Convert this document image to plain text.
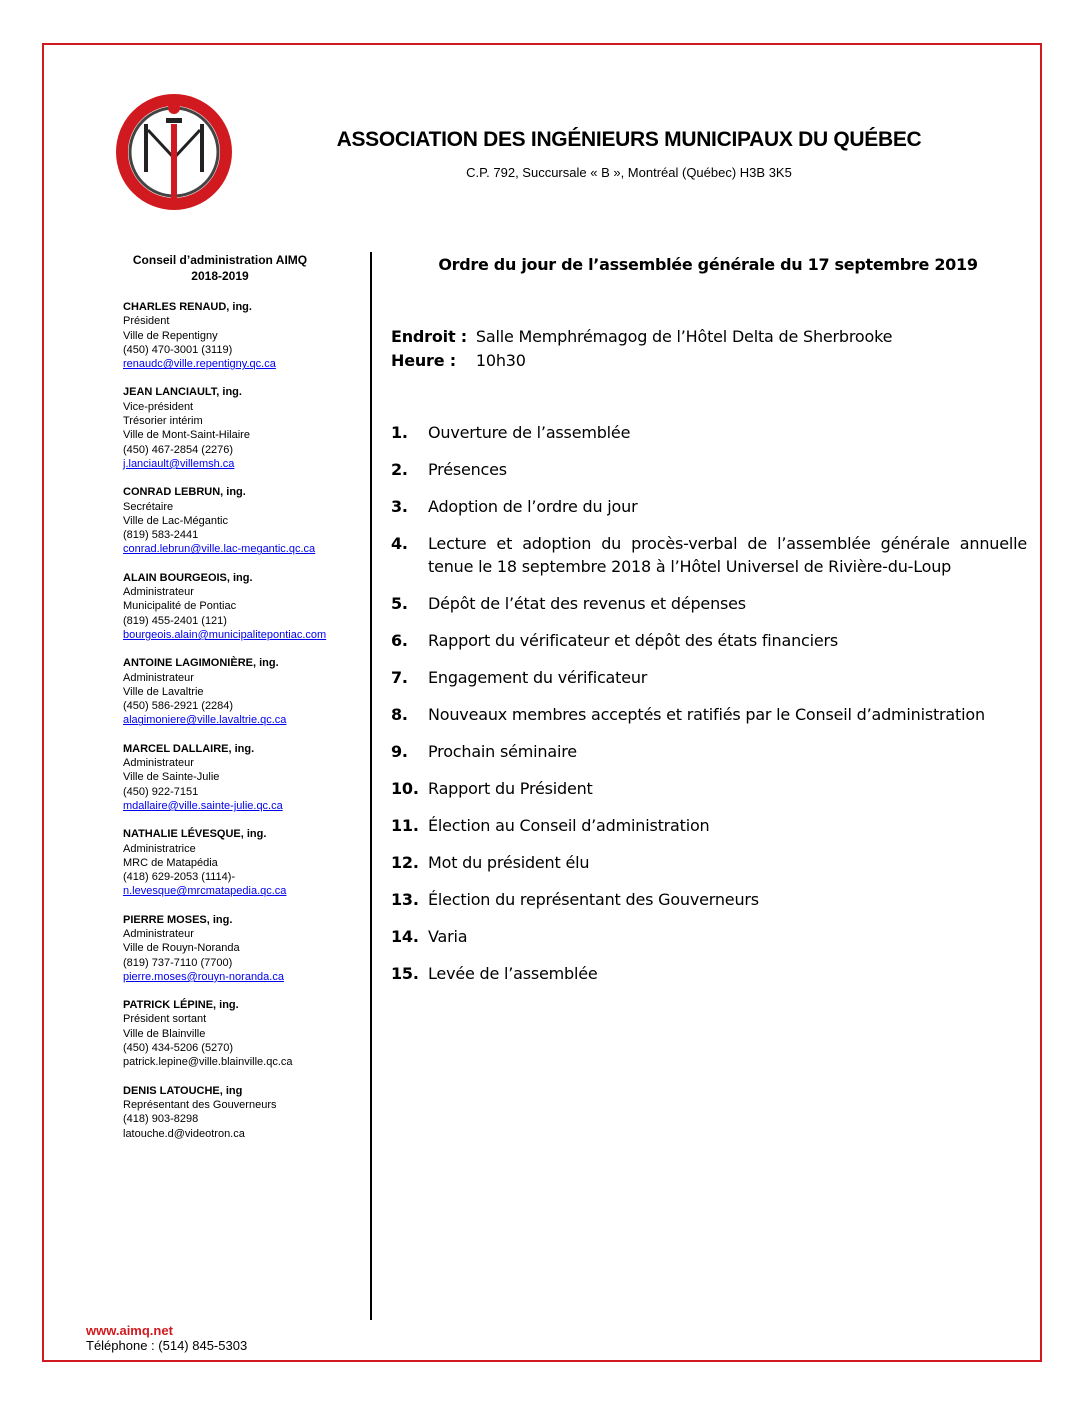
ASSOCIATION DES INGÉNIEURS MUNICIPAUX DU QUÉBEC
C.P. 792, Succursale « B », Montréal (Québec) H3B 3K5
Conseil d’administration AIMQ
2018-2019
CHARLES RENAUD, ing.
Président
Ville de Repentigny
(450) 470-3001 (3119)
renaudc@ville.repentigny.qc.ca
JEAN LANCIAULT, ing.
Vice-président
Trésorier intérim
Ville de Mont-Saint-Hilaire
(450) 467-2854 (2276)
j.lanciault@villemsh.ca
CONRAD LEBRUN, ing.
Secrétaire
Ville de Lac-Mégantic
(819) 583-2441
conrad.lebrun@ville.lac-megantic.qc.ca
ALAIN BOURGEOIS, ing.
Administrateur
Municipalité de Pontiac
(819) 455-2401 (121)
bourgeois.alain@municipalitepontiac.com
ANTOINE LAGIMONIÈRE, ing.
Administrateur
Ville de Lavaltrie
(450) 586-2921 (2284)
alagimoniere@ville.lavaltrie.qc.ca
MARCEL DALLAIRE, ing.
Administrateur
Ville de Sainte-Julie
(450) 922-7151
mdallaire@ville.sainte-julie.qc.ca
NATHALIE LÉVESQUE, ing.
Administratrice
MRC de Matapédia
(418) 629-2053 (1114)-
n.levesque@mrcmatapedia.qc.ca
PIERRE MOSES, ing.
Administrateur
Ville de Rouyn-Noranda
(819) 737-7110 (7700)
pierre.moses@rouyn-noranda.ca
PATRICK LÉPINE, ing.
Président sortant
Ville de Blainville
(450) 434-5206 (5270)
patrick.lepine@ville.blainville.qc.ca
DENIS LATOUCHE, ing
Représentant des Gouverneurs
(418) 903-8298
latouche.d@videotron.ca
Ordre du jour de l’assemblée générale du 17 septembre 2019
Endroit : Salle Memphrémagog de l’Hôtel Delta de Sherbrooke
Heure : 10h30
1. Ouverture de l’assemblée
2. Présences
3. Adoption de l’ordre du jour
4. Lecture et adoption du procès-verbal de l’assemblée générale annuelle tenue le 18 septembre 2018 à l’Hôtel Universel de Rivière-du-Loup
5. Dépôt de l’état des revenus et dépenses
6. Rapport du vérificateur et dépôt des états financiers
7. Engagement du vérificateur
8. Nouveaux membres acceptés et ratifiés par le Conseil d’administration
9. Prochain séminaire
10. Rapport du Président
11. Élection au Conseil d’administration
12. Mot du président élu
13. Élection du représentant des Gouverneurs
14. Varia
15. Levée de l’assemblée
www.aimq.net
Téléphone : (514) 845-5303
